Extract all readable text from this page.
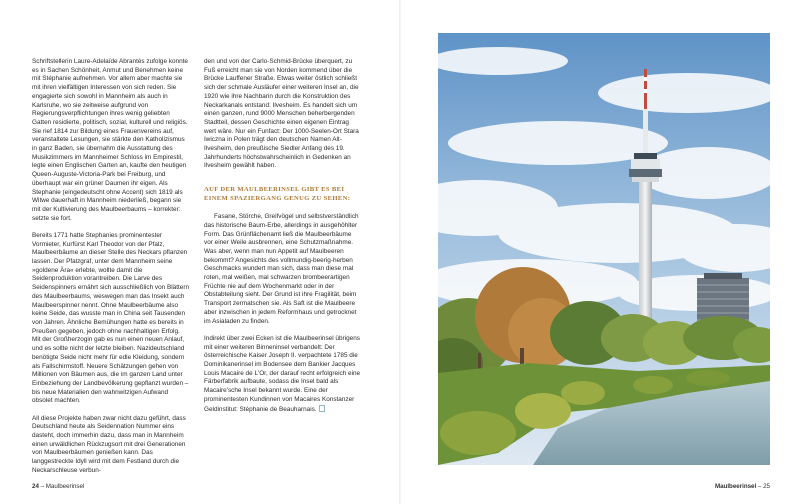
Schriftstellerin Laure-Adelaïde Abrantès zufolge konnte es in Sachen Schönheit, Anmut und Benehmen keine mit Stéphanie aufnehmen. Vor allem aber machte sie mit ihren vielfältigen Interessen von sich reden. Sie engagierte sich sowohl in Mannheim als auch in Karlsruhe, wo sie zeitweise aufgrund von Regierungsverpflichtungen ihres wenig geliebten Gatten residierte, politisch, sozial, kulturell und religiös. Sie rief 1814 zur Bildung eines Frauenvereins auf, veranstaltete Lesungen, sie stärkte den Katholizismus in ganz Baden, sie übernahm die Ausstattung des Musikzimmers im Mannheimer Schloss im Empirestil, legte einen Englischen Garten an, kaufte den heutigen Queen-Auguste-Victoria-Park bei Freiburg, und überhaupt war ein grüner Daumen ihr eigen. Als Stephanie (eingedeutscht ohne Accent) sich 1819 als Witwe dauerhaft in Mannheim niederließ, begann sie mit der Kultivierung des Maulbeerbaums – korrekter: setzte sie fort.

Bereits 1771 hatte Stephanies prominentester Vormieter, Kurfürst Karl Theodor von der Pfalz, Maulbeerbäume an dieser Stelle des Neckars pflanzen lassen. Der Pfalzgraf, unter dem Mannheim seine »goldene Ära« erlebte, wollte damit die Seidenproduktion vorantreiben. Die Larve des Seidenspinners ernährt sich ausschließlich von Blättern des Maulbeerbaums, weswegen man das Insekt auch Maulbeerspinner nennt. Ohne Maulbeerbäume also keine Seide, das wusste man in China seit Tausenden von Jahren. Ähnliche Bemühungen hatte es bereits in Preußen gegeben, jedoch ohne nachhaltigen Erfolg. Mit der Großherzogin gab es nun einen neuen Anlauf, und es sollte nicht der letzte bleiben. Nazideutschland benötigte Seide nicht mehr für edle Kleidung, sondern als Fallschirmstoff. Neuere Schätzungen gehen von Millionen von Bäumen aus, die im ganzen Land unter Einbeziehung der Landbevölkerung gepflanzt wurden – bis neue Materialien den wahnwitzigen Aufwand obsolet machten.

All diese Projekte haben zwar nicht dazu geführt, dass Deutschland heute als Seidennation Nummer eins dasteht, doch immerhin dazu, dass man in Mannheim einen urwäldlichen Rückzugsort mit drei Generationen von Maulbeerbäumen genießen kann. Das langgestreckte Idyll wird mit dem Festland durch die Neckarschleuse verbun-

den und von der Carlo-Schmid-Brücke überquert, zu Fuß erreicht man sie von Norden kommend über die Brücke Lauffener Straße. Etwas weiter östlich schließt sich der schmale Ausläufer einer weiteren Insel an, die 1920 wie ihre Nachbarin durch die Konstruktion des Neckarkanals entstand: Ilvesheim. Es handelt sich um einen ganzen, rund 9000 Menschen beherbergenden Stadtteil, dessen Geschichte einen eigenen Eintrag wert wäre. Nur ein Funfact: Der 1000-Seelen-Ort Stara Iwiczna in Polen trägt den deutschen Namen Alt-Ilvesheim, den preußische Siedler Anfang des 19. Jahrhunderts höchstwahrscheinlich in Gedenken an Ilvesheim gewählt haben.

AUF DER MAULBEERINSEL GIBT ES BEI EINEM SPAZIERGANG GENUG ZU SEHEN:

Fasane, Störche, Greifvögel und selbstverständlich das historische Baum-Erbe, allerdings in ausgehöhlter Form. Das Grünflächenamt ließ die Maulbeerbäume vor einer Weile ausbrennen, eine Schutzmaßnahme. Was aber, wenn man nun Appetit auf Maulbeeren bekommt? Angesichts des vollmundig-beerig-herben Geschmacks wundert man sich, dass man diese mal roten, mal weißen, mal schwarzen brombeerartigen Früchte nie auf dem Wochenmarkt oder in der Obstabteilung sieht. Der Grund ist ihre Fragilität, beim Transport zermatschen sie. Als Saft ist die Maulbeere aber inzwischen in jedem Reformhaus und getrocknet im Asialaden zu finden.

Indirekt über zwei Ecken ist die Maulbeerinsel übrigens mit einer weiteren Binneninsel verbandelt: Der österreichische Kaiser Joseph II. verpachtete 1785 die Dominikanerinsel im Bodensee dem Bankier Jacques Louis Macaire de L'Or, der darauf recht erfolgreich eine Färberfabrik aufbaute, sodass die Insel bald als Macaire'sche Insel bekannt wurde. Eine der prominentesten Kundinnen von Macaires Konstanzer Geldinstitut: Stéphanie de Beauharnais.

24 – Maulbeerinsel	Maulbeerinsel – 25
